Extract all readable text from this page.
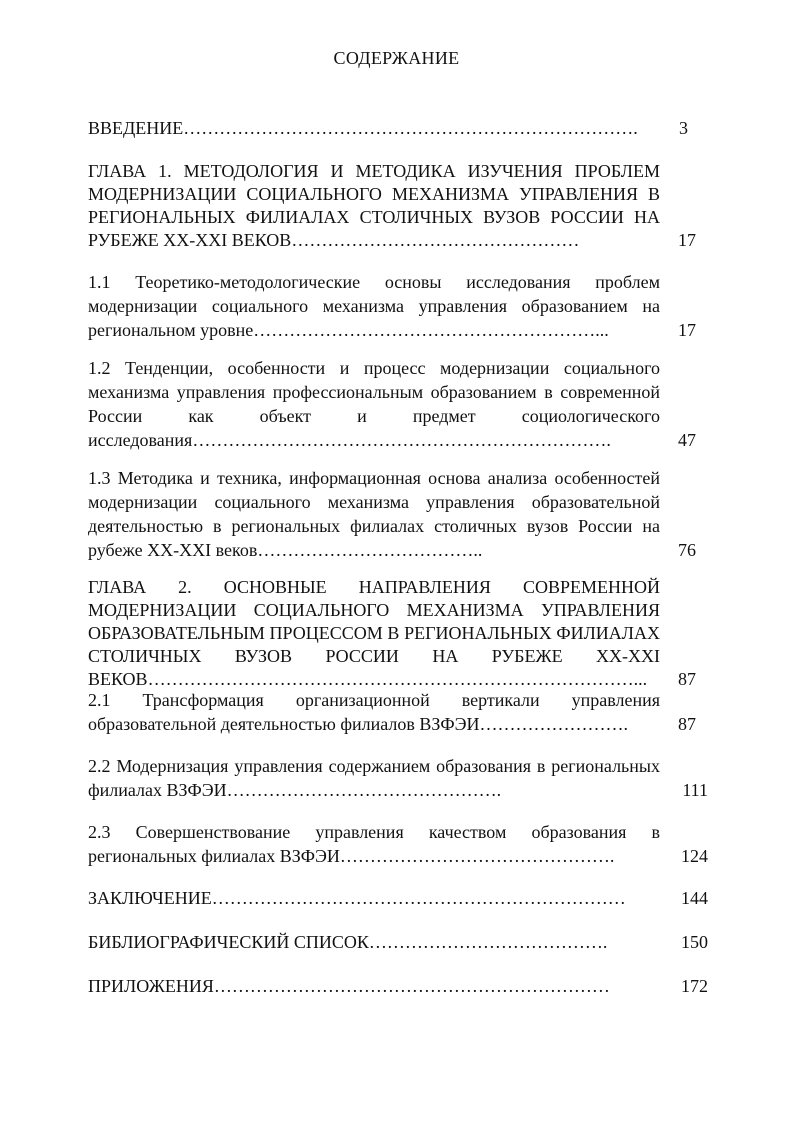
СОДЕРЖАНИЕ
ВВЕДЕНИЕ………………………………………………………………….	3
ГЛАВА 1. МЕТОДОЛОГИЯ И МЕТОДИКА ИЗУЧЕНИЯ ПРОБЛЕМ МОДЕРНИЗАЦИИ СОЦИАЛЬНОГО МЕХАНИЗМА УПРАВЛЕНИЯ В РЕГИОНАЛЬНЫХ ФИЛИАЛАХ СТОЛИЧНЫХ ВУЗОВ РОССИИ НА РУБЕЖЕ ХХ-ХХI ВЕКОВ…………………………………………	17
1.1 Теоретико-методологические основы исследования проблем модернизации социального механизма управления образованием на региональном уровне…………………………………………………...	17
1.2 Тенденции, особенности и процесс модернизации социального механизма управления профессиональным образованием в современной России как объект и предмет социологического исследования…………………………………………………………….	47
1.3 Методика и техника, информационная основа анализа особенностей модернизации социального механизма управления образовательной деятельностью в региональных филиалах столичных вузов России на рубеже ХХ-ХХI веков………………………………..	76
ГЛАВА 2. ОСНОВНЫЕ НАПРАВЛЕНИЯ СОВРЕМЕННОЙ МОДЕРНИЗАЦИИ СОЦИАЛЬНОГО МЕХАНИЗМА УПРАВЛЕНИЯ ОБРАЗОВАТЕЛЬНЫМ ПРОЦЕССОМ В РЕГИОНАЛЬНЫХ ФИЛИАЛАХ СТОЛИЧНЫХ ВУЗОВ РОССИИ НА РУБЕЖЕ ХХ-ХХI ВЕКОВ………………………………………………………………………...	87
2.1 Трансформация организационной вертикали управления образовательной деятельностью филиалов ВЗФЭИ…………………….	87
2.2 Модернизация управления содержанием образования в региональных филиалах ВЗФЭИ……………………………………….	111
2.3 Совершенствование управления качеством образования в региональных филиалах ВЗФЭИ……………………………………….	124
ЗАКЛЮЧЕНИЕ……………………………………………………………	144
БИБЛИОГРАФИЧЕСКИЙ СПИСОК………………………………….	150
ПРИЛОЖЕНИЯ…………………………………………………………	172
